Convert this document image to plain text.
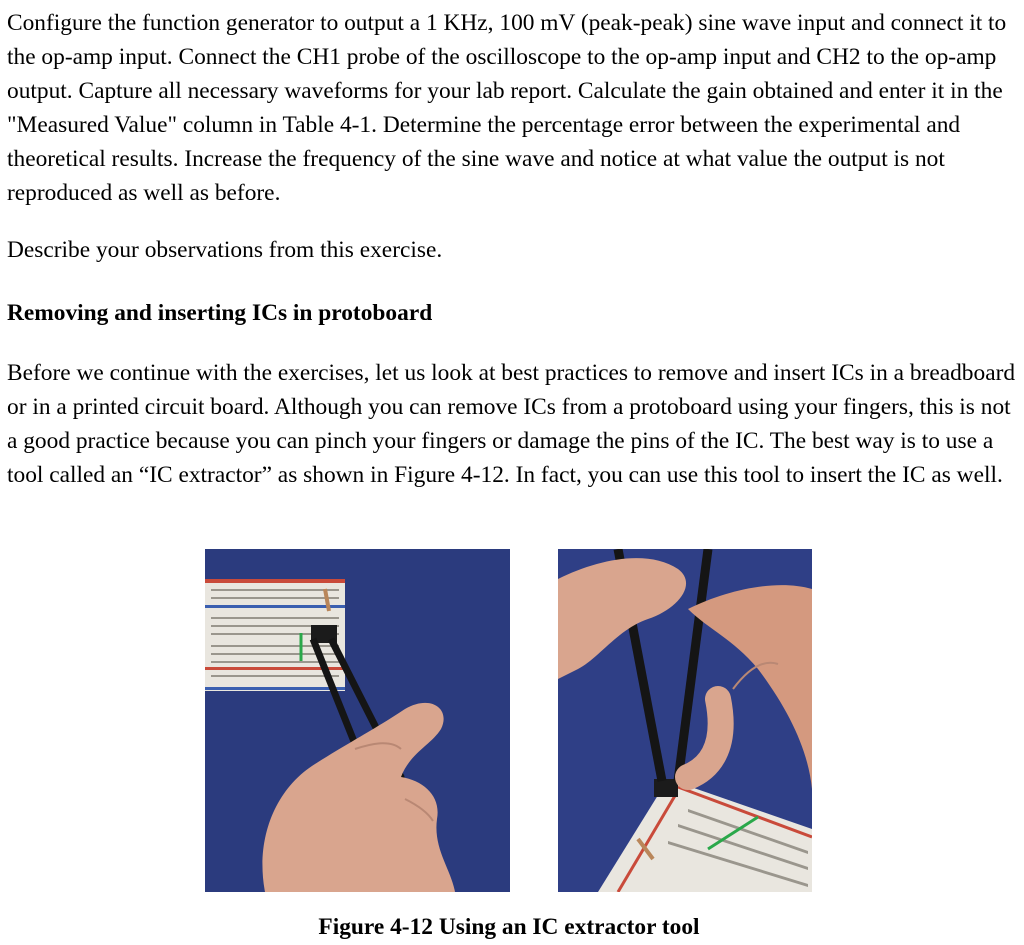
Configure the function generator to output a 1 KHz, 100 mV (peak-peak) sine wave input and connect it to the op-amp input. Connect the CH1 probe of the oscilloscope to the op-amp input and CH2 to the op-amp output. Capture all necessary waveforms for your lab report. Calculate the gain obtained and enter it in the "Measured Value" column in Table 4-1. Determine the percentage error between the experimental and theoretical results. Increase the frequency of the sine wave and notice at what value the output is not reproduced as well as before.

Describe your observations from this exercise.

Removing and inserting ICs in protoboard

Before we continue with the exercises, let us look at best practices to remove and insert ICs in a breadboard or in a printed circuit board. Although you can remove ICs from a protoboard using your fingers, this is not a good practice because you can pinch your fingers or damage the pins of the IC. The best way is to use a tool called an “IC extractor” as shown in Figure 4-12. In fact, you can use this tool to insert the IC as well.

Figure 4-12 Using an IC extractor tool
